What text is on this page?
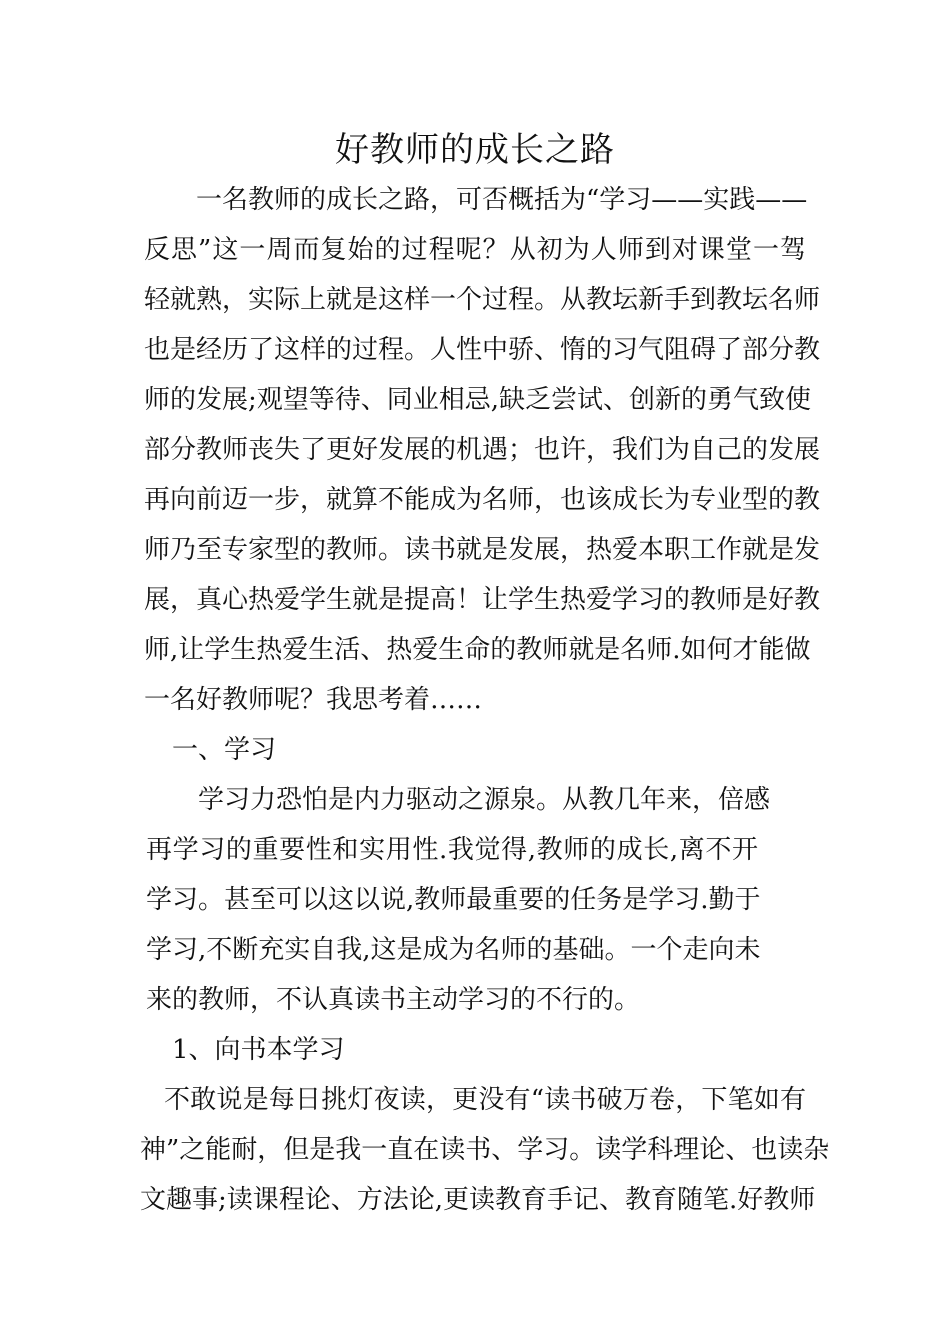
好教师的成长之路
一名教师的成长之路，可否概括为“学习——实践——
反思”这一周而复始的过程呢？从初为人师到对课堂一驾
轻就熟，实际上就是这样一个过程。从教坛新手到教坛名师
也是经历了这样的过程。人性中骄、惰的习气阻碍了部分教
师的发展;观望等待、同业相忌,缺乏尝试、创新的勇气致使
部分教师丧失了更好发展的机遇；也许，我们为自己的发展
再向前迈一步，就算不能成为名师，也该成长为专业型的教
师乃至专家型的教师。读书就是发展，热爱本职工作就是发
展，真心热爱学生就是提高！让学生热爱学习的教师是好教
师,让学生热爱生活、热爱生命的教师就是名师.如何才能做
一名好教师呢？我思考着……
一、学习
学习力恐怕是内力驱动之源泉。从教几年来，倍感
再学习的重要性和实用性.我觉得,教师的成长,离不开
学习。甚至可以这以说,教师最重要的任务是学习.勤于
学习,不断充实自我,这是成为名师的基础。一个走向未
来的教师，不认真读书主动学习的不行的。
1、向书本学习
不敢说是每日挑灯夜读，更没有“读书破万卷，下笔如有
神”之能耐，但是我一直在读书、学习。读学科理论、也读杂
文趣事;读课程论、方法论,更读教育手记、教育随笔.好教师
